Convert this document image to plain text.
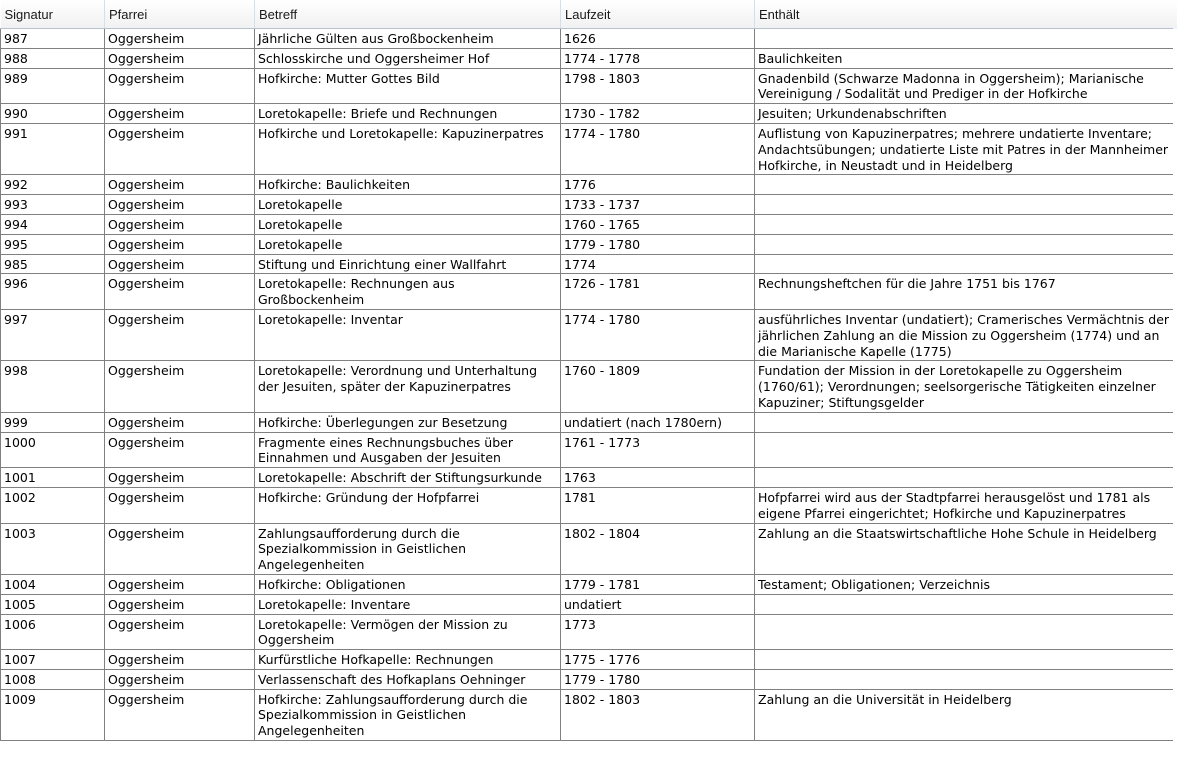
Signatur	Pfarrei	Betreff	Laufzeit	Enthält
987	Oggersheim	Jährliche Gülten aus Großbockenheim	1626	
988	Oggersheim	Schlosskirche und Oggersheimer Hof	1774 - 1778	Baulichkeiten
989	Oggersheim	Hofkirche: Mutter Gottes Bild	1798 - 1803	Gnadenbild (Schwarze Madonna in Oggersheim); Marianische Vereinigung / Sodalität und Prediger in der Hofkirche
990	Oggersheim	Loretokapelle: Briefe und Rechnungen	1730 - 1782	Jesuiten; Urkundenabschriften
991	Oggersheim	Hofkirche und Loretokapelle: Kapuzinerpatres	1774 - 1780	Auflistung von Kapuzinerpatres; mehrere undatierte Inventare; Andachtsübungen; undatierte Liste mit Patres in der Mannheimer Hofkirche, in Neustadt und in Heidelberg
992	Oggersheim	Hofkirche: Baulichkeiten	1776	
993	Oggersheim	Loretokapelle	1733 - 1737	
994	Oggersheim	Loretokapelle	1760 - 1765	
995	Oggersheim	Loretokapelle	1779 - 1780	
985	Oggersheim	Stiftung und Einrichtung einer Wallfahrt	1774	
996	Oggersheim	Loretokapelle: Rechnungen aus Großbockenheim	1726 - 1781	Rechnungsheftchen für die Jahre 1751 bis 1767
997	Oggersheim	Loretokapelle: Inventar	1774 - 1780	ausführliches Inventar (undatiert); Cramerisches Vermächtnis der jährlichen Zahlung an die Mission zu Oggersheim (1774) und an die Marianische Kapelle (1775)
998	Oggersheim	Loretokapelle: Verordnung und Unterhaltung der Jesuiten, später der Kapuzinerpatres	1760 - 1809	Fundation der Mission in der Loretokapelle zu Oggersheim (1760/61); Verordnungen; seelsorgerische Tätigkeiten einzelner Kapuziner; Stiftungsgelder
999	Oggersheim	Hofkirche: Überlegungen zur Besetzung	undatiert (nach 1780ern)	
1000	Oggersheim	Fragmente eines Rechnungsbuches über Einnahmen und Ausgaben der Jesuiten	1761 - 1773	
1001	Oggersheim	Loretokapelle: Abschrift der Stiftungsurkunde	1763	
1002	Oggersheim	Hofkirche: Gründung der Hofpfarrei	1781	Hofpfarrei wird aus der Stadtpfarrei herausgelöst und 1781 als eigene Pfarrei eingerichtet; Hofkirche und Kapuzinerpatres
1003	Oggersheim	Zahlungsaufforderung durch die Spezialkommission in Geistlichen Angelegenheiten	1802 - 1804	Zahlung an die Staatswirtschaftliche Hohe Schule in Heidelberg
1004	Oggersheim	Hofkirche: Obligationen	1779 - 1781	Testament; Obligationen; Verzeichnis
1005	Oggersheim	Loretokapelle: Inventare	undatiert	
1006	Oggersheim	Loretokapelle: Vermögen der Mission zu Oggersheim	1773	
1007	Oggersheim	Kurfürstliche Hofkapelle: Rechnungen	1775 - 1776	
1008	Oggersheim	Verlassenschaft des Hofkaplans Oehninger	1779 - 1780	
1009	Oggersheim	Hofkirche: Zahlungsaufforderung durch die Spezialkommission in Geistlichen Angelegenheiten	1802 - 1803	Zahlung an die Universität in Heidelberg
